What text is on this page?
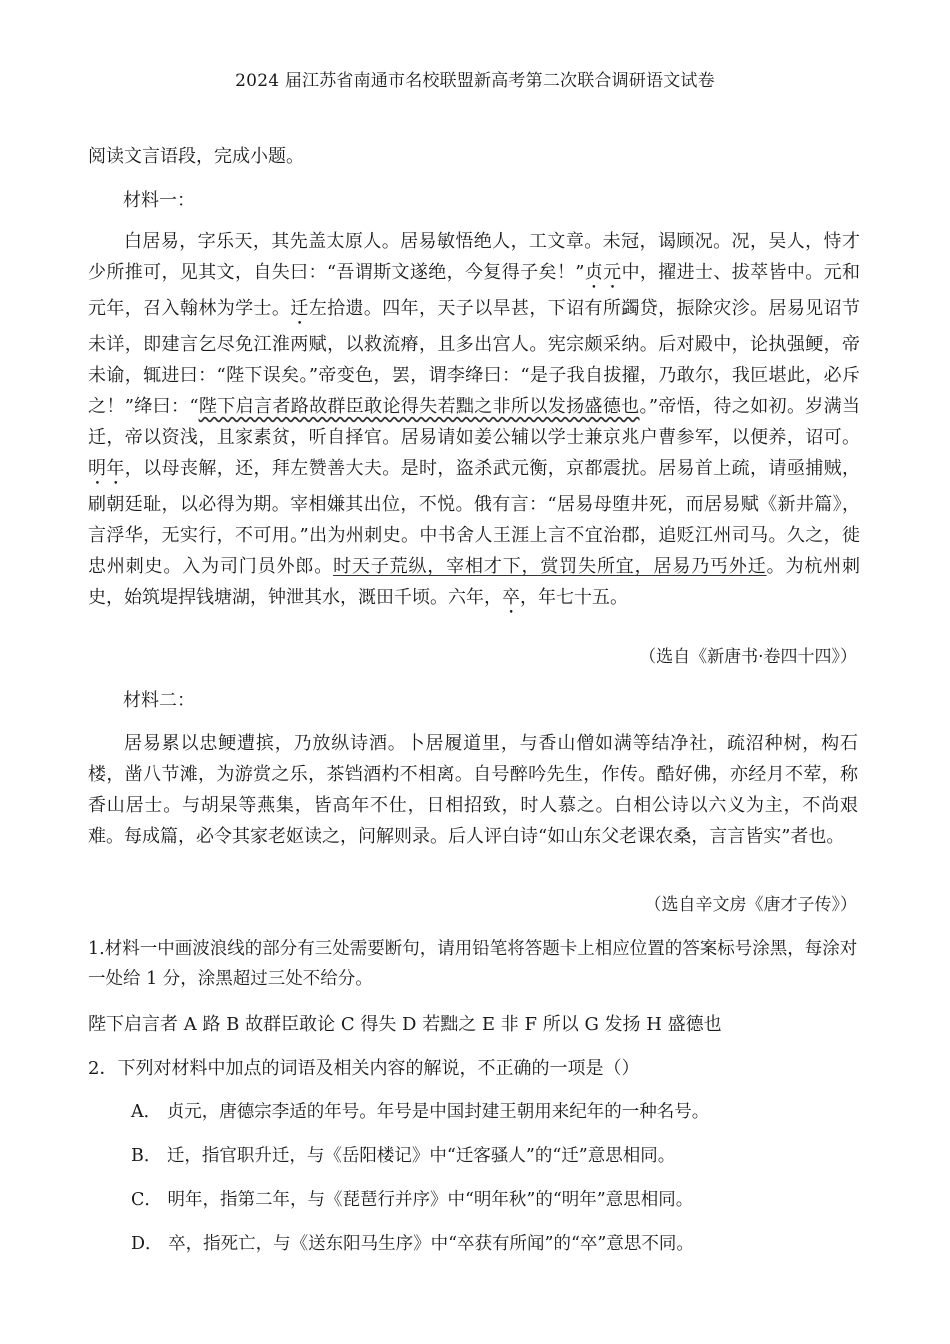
2024 届江苏省南通市名校联盟新高考第二次联合调研语文试卷
阅读文言语段，完成小题。
材料一：
白居易，字乐天，其先盖太原人。居易敏悟绝人，工文章。未冠，谒顾况。况，吴人，恃才少所推可，见其文，自失曰：“吾谓斯文遂绝，今复得子矣！”贞元中，擢进士、拔萃皆中。元和元年，召入翰林为学士。迁左拾遗。四年，天子以旱甚，下诏有所蠲贷，振除灾沴。居易见诏节未详，即建言乞尽免江淮两赋，以救流瘠，且多出宫人。宪宗颇采纳。后对殿中，论执强鲠，帝未谕，辄进曰：“陛下误矣。”帝变色，罢，谓李绛曰：“是子我自拔擢，乃敢尔，我叵堪此，必斥之！”绛曰：“陛下启言者路故群臣敢论得失若黜之非所以发扬盛德也。”帝悟，待之如初。岁满当迁，帝以资浅，且家素贫，听自择官。居易请如姜公辅以学士兼京兆户曹参军，以便养，诏可。明年，以母丧解，还，拜左赞善大夫。是时，盗杀武元衡，京都震扰。居易首上疏，请亟捕贼，刷朝廷耻，以必得为期。宰相嫌其出位，不悦。俄有言：“居易母堕井死，而居易赋《新井篇》，言浮华，无实行，不可用。”出为州刺史。中书舍人王涯上言不宜治郡，追贬江州司马。久之，徙忠州刺史。入为司门员外郎。时天子荒纵，宰相才下，赏罚失所宜，居易乃丐外迁。为杭州刺史，始筑堤捍钱塘湖，钟泄其水，溉田千顷。六年，卒，年七十五。
（选自《新唐书·卷四十四》）
材料二：
居易累以忠鲠遭摈，乃放纵诗酒。卜居履道里，与香山僧如满等结净社，疏沼种树，构石楼，凿八节滩，为游赏之乐，茶铛酒杓不相离。自号醉吟先生，作传。酷好佛，亦经月不荤，称香山居士。与胡杲等燕集，皆高年不仕，日相招致，时人慕之。白相公诗以六义为主，不尚艰难。每成篇，必令其家老妪读之，问解则录。后人评白诗“如山东父老课农桑，言言皆实”者也。
（选自辛文房《唐才子传》）
1.材料一中画波浪线的部分有三处需要断句，请用铅笔将答题卡上相应位置的答案标号涂黑，每涂对一处给 1 分，涂黑超过三处不给分。
陛下启言者 A 路 B 故群臣敢论 C 得失 D 若黜之 E 非 F 所以 G 发扬 H 盛德也
2．下列对材料中加点的词语及相关内容的解说，不正确的一项是（）
A． 贞元，唐德宗李适的年号。年号是中国封建王朝用来纪年的一种名号。
B． 迁，指官职升迁，与《岳阳楼记》中“迁客骚人”的“迁”意思相同。
C． 明年，指第二年，与《琵琶行并序》中“明年秋”的“明年”意思相同。
D． 卒，指死亡，与《送东阳马生序》中“卒获有所闻”的“卒”意思不同。
